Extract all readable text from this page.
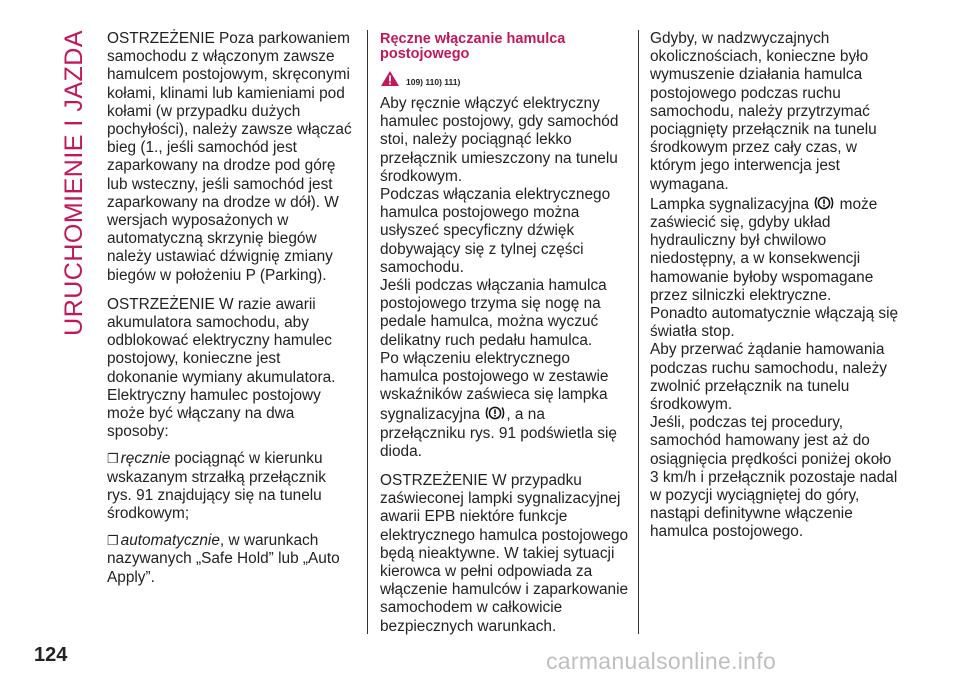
URUCHOMIENIE I JAZDA OSTRZEŻENIE Poza parkowaniem samochodu z włączonym zawsze hamulcem postojowym, skręconymi kołami, klinami lub kamieniami pod kołami (w przypadku dużych pochyłości), należy zawsze włączać bieg (1., jeśli samochód jest zaparkowany na drodze pod górę lub wsteczny, jeśli samochód jest zaparkowany na drodze w dół). W wersjach wyposażonych w automatyczną skrzynię biegów należy ustawiać dźwignię zmiany biegów w położeniu P (Parking).

OSTRZEŻENIE W razie awarii akumulatora samochodu, aby odblokować elektryczny hamulec postojowy, konieczne jest dokonanie wymiany akumulatora.

Elektryczny hamulec postojowy może być włączany na dwa sposoby:

❐ ręcznie pociągnąć w kierunku wskazanym strzałką przełącznik rys. 91 znajdujący się na tunelu środkowym;

❐ automatycznie, w warunkach nazywanych „Safe Hold” lub „Auto Apply”.

Ręczne włączanie hamulca postojowego
109) 110) 111)

Aby ręcznie włączyć elektryczny hamulec postojowy, gdy samochód stoi, należy pociągnąć lekko przełącznik umieszczony na tunelu środkowym.

Podczas włączania elektrycznego hamulca postojowego można usłyszeć specyficzny dźwięk dobywający się z tylnej części samochodu.

Jeśli podczas włączania hamulca postojowego trzyma się nogę na pedale hamulca, można wyczuć delikatny ruch pedału hamulca.

Po włączeniu elektrycznego hamulca postojowego w zestawie wskaźników zaświeca się lampka sygnalizacyjna , a na przełączniku rys. 91 podświetla się dioda.

OSTRZEŻENIE W przypadku zaświeconej lampki sygnalizacyjnej awarii EPB niektóre funkcje elektrycznego hamulca postojowego będą nieaktywne. W takiej sytuacji kierowca w pełni odpowiada za włączenie hamulców i zaparkowanie samochodem w całkowicie bezpiecznych warunkach.

Gdyby, w nadzwyczajnych okolicznościach, konieczne było wymuszenie działania hamulca postojowego podczas ruchu samochodu, należy przytrzymać pociągnięty przełącznik na tunelu środkowym przez cały czas, w którym jego interwencja jest wymagana.

Lampka sygnalizacyjna  może zaświecić się, gdyby układ hydrauliczny był chwilowo niedostępny, a w konsekwencji hamowanie byłoby wspomagane przez silniczki elektryczne.

Ponadto automatycznie włączają się światła stop.

Aby przerwać żądanie hamowania podczas ruchu samochodu, należy zwolnić przełącznik na tunelu środkowym.

Jeśli, podczas tej procedury, samochód hamowany jest aż do osiągnięcia prędkości poniżej około 3 km/h i przełącznik pozostaje nadal w pozycji wyciągniętej do góry, nastąpi definitywne włączenie hamulca postojowego.

124	carmanualsonline.info
